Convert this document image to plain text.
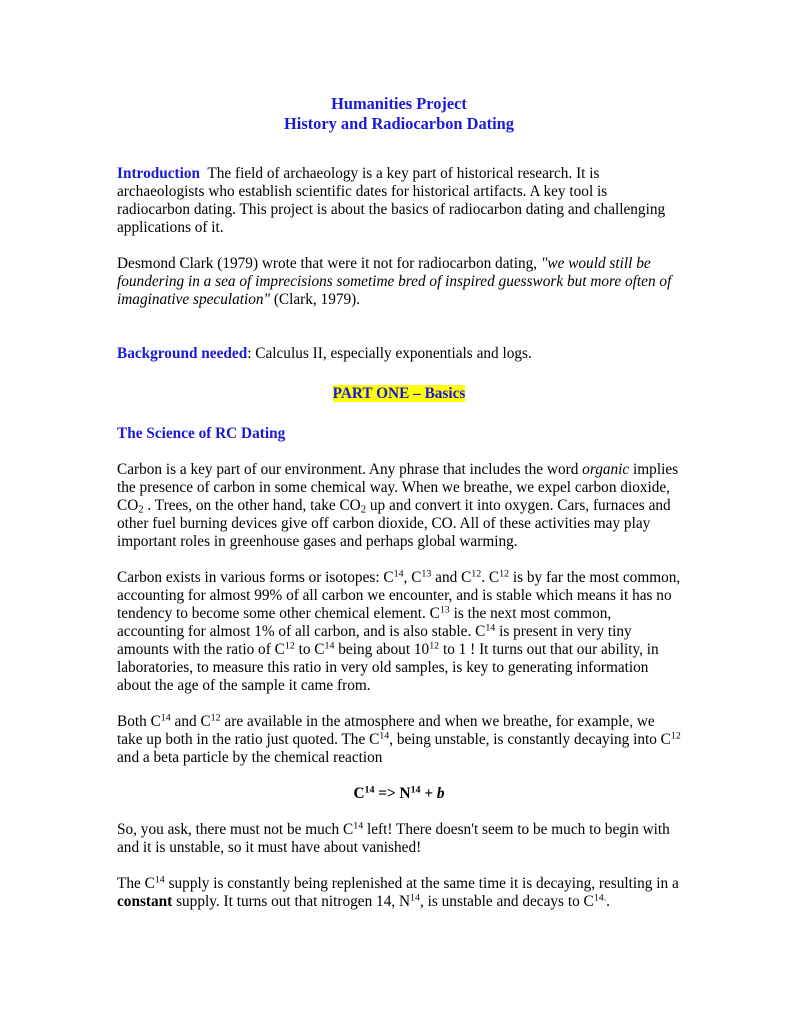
Humanities Project
History and Radiocarbon Dating

Introduction The field of archaeology is a key part of historical research. It is archaeologists who establish scientific dates for historical artifacts. A key tool is radiocarbon dating. This project is about the basics of radiocarbon dating and challenging applications of it.

Desmond Clark (1979) wrote that were it not for radiocarbon dating, "we would still be foundering in a sea of imprecisions sometime bred of inspired guesswork but more often of imaginative speculation" (Clark, 1979).

Background needed: Calculus II, especially exponentials and logs.

PART ONE – Basics

The Science of RC Dating

Carbon is a key part of our environment. Any phrase that includes the word organic implies the presence of carbon in some chemical way. When we breathe, we expel carbon dioxide, $CO_2$ . Trees, on the other hand, take $CO_2$ up and convert it into oxygen. Cars, furnaces and other fuel burning devices give off carbon dioxide, CO. All of these activities may play important roles in greenhouse gases and perhaps global warming.

Carbon exists in various forms or isotopes: $C^{14}$, $C^{13}$ and $C^{12}$. $C^{12}$ is by far the most common, accounting for almost 99% of all carbon we encounter, and is stable which means it has no tendency to become some other chemical element. $C^{13}$ is the next most common, accounting for almost 1% of all carbon, and is also stable. $C^{14}$ is present in very tiny amounts with the ratio of $C^{12}$ to $C^{14}$ being about $10^{12}$ to 1 ! It turns out that our ability, in laboratories, to measure this ratio in very old samples, is key to generating information about the age of the sample it came from.

Both $C^{14}$ and $C^{12}$ are available in the atmosphere and when we breathe, for example, we take up both in the ratio just quoted. The $C^{14}$, being unstable, is constantly decaying into $C^{12}$ and a beta particle by the chemical reaction

$C^{14} => N^{14} + b$

So, you ask, there must not be much $C^{14}$ left! There doesn't seem to be much to begin with and it is unstable, so it must have about vanished!

The $C^{14}$ supply is constantly being replenished at the same time it is decaying, resulting in a constant supply. It turns out that nitrogen 14, $N^{14}$, is unstable and decays to $C^{14.}$.
